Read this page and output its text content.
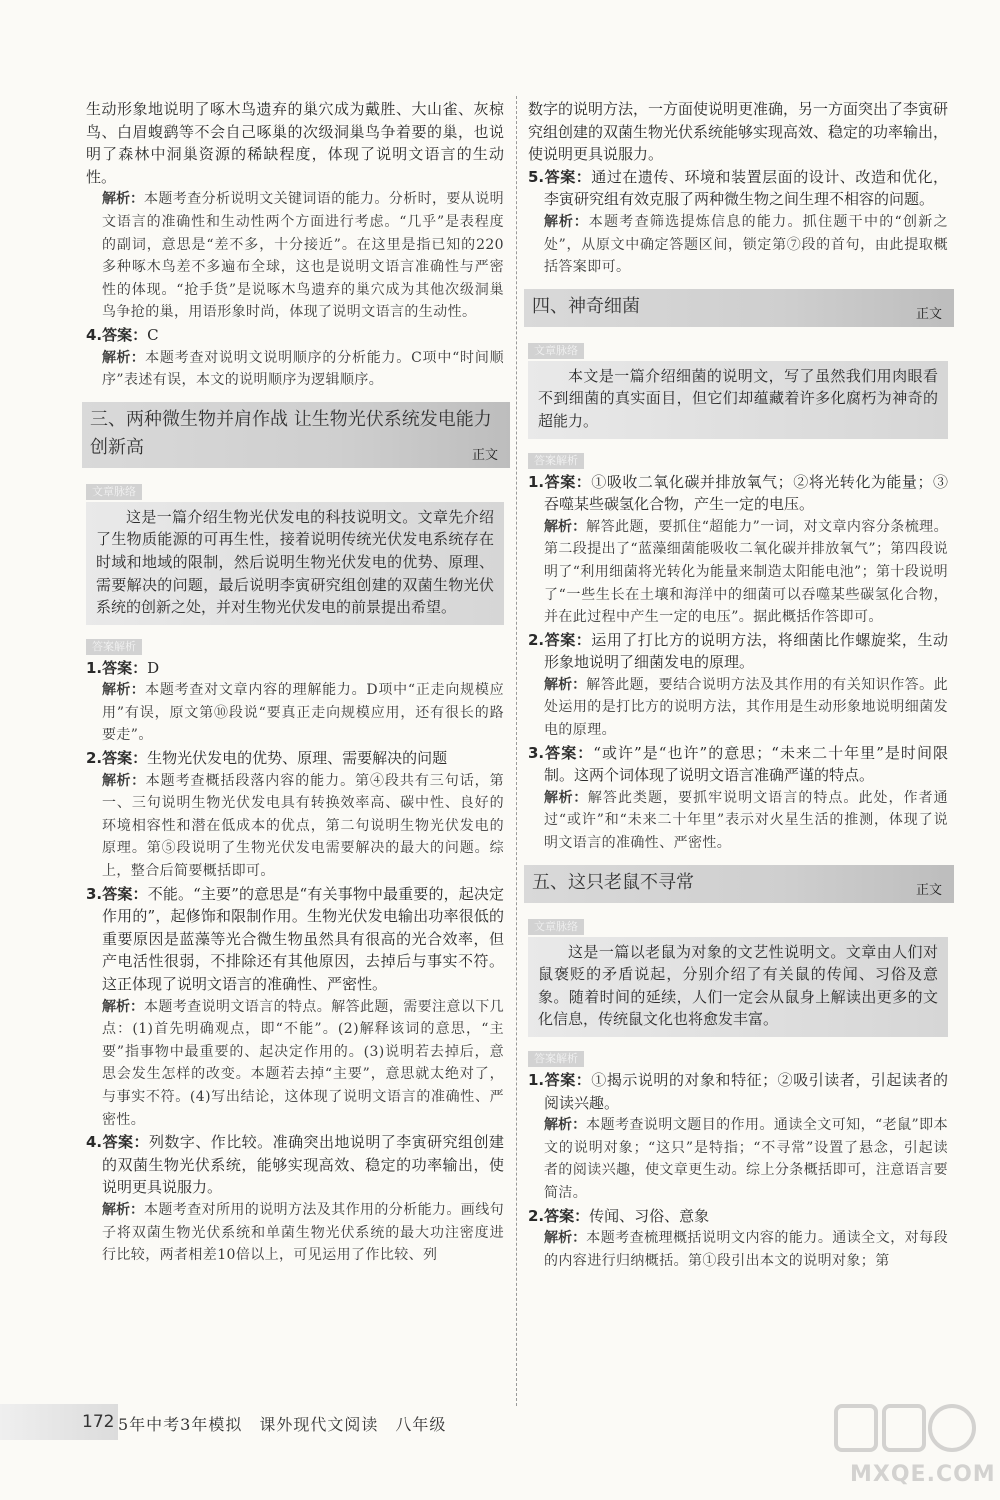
生动形象地说明了啄木鸟遗弃的巢穴成为戴胜、大山雀、灰椋鸟、白眉蝮鹞等不会自己啄巢的次级洞巢鸟争着要的巢，也说明了森林中洞巢资源的稀缺程度，体现了说明文语言的生动性。

解析：本题考查分析说明文关键词语的能力。分析时，要从说明文语言的准确性和生动性两个方面进行考虑。“几乎”是表程度的副词，意思是“差不多，十分接近”。在这里是指已知的220多种啄木鸟差不多遍布全球，这也是说明文语言准确性与严密性的体现。“抢手货”是说啄木鸟遗弃的巢穴成为其他次级洞巢鸟争抢的巢，用语形象时尚，体现了说明文语言的生动性。

4.答案：C

解析：本题考查对说明文说明顺序的分析能力。C项中“时间顺序”表述有误，本文的说明顺序为逻辑顺序。

三、两种微生物并肩作战 让生物光伏系统发电能力创新高	正文
文章脉络

这是一篇介绍生物光伏发电的科技说明文。文章先介绍了生物质能源的可再生性，接着说明传统光伏发电系统存在时域和地域的限制，然后说明生物光伏发电的优势、原理、需要解决的问题，最后说明李寅研究组创建的双菌生物光伏系统的创新之处，并对生物光伏发电的前景提出希望。

答案解析

1.答案：D

解析：本题考查对文章内容的理解能力。D项中“正走向规模应用”有误，原文第⑩段说“要真正走向规模应用，还有很长的路要走”。

2.答案：生物光伏发电的优势、原理、需要解决的问题

解析：本题考查概括段落内容的能力。第④段共有三句话，第一、三句说明生物光伏发电具有转换效率高、碳中性、良好的环境相容性和潜在低成本的优点，第二句说明生物光伏发电的原理。第⑤段说明了生物光伏发电需要解决的最大的问题。综上，整合后简要概括即可。

3.答案：不能。“主要”的意思是“有关事物中最重要的，起决定作用的”，起修饰和限制作用。生物光伏发电输出功率很低的重要原因是蓝藻等光合微生物虽然具有很高的光合效率，但产电活性很弱，不排除还有其他原因，去掉后与事实不符。这正体现了说明文语言的准确性、严密性。

解析：本题考查说明文语言的特点。解答此题，需要注意以下几点：(1)首先明确观点，即“不能”。(2)解释该词的意思，“主要”指事物中最重要的、起决定作用的。(3)说明若去掉后，意思会发生怎样的改变。本题若去掉“主要”，意思就太绝对了，与事实不符。(4)写出结论，这体现了说明文语言的准确性、严密性。

4.答案：列数字、作比较。准确突出地说明了李寅研究组创建的双菌生物光伏系统，能够实现高效、稳定的功率输出，使说明更具说服力。

解析：本题考查对所用的说明方法及其作用的分析能力。画线句子将双菌生物光伏系统和单菌生物光伏系统的最大功注密度进行比较，两者相差10倍以上，可见运用了作比较、列

数字的说明方法，一方面使说明更准确，另一方面突出了李寅研究组创建的双菌生物光伏系统能够实现高效、稳定的功率输出，使说明更具说服力。

5.答案：通过在遗传、环境和装置层面的设计、改造和优化，李寅研究组有效克服了两种微生物之间生理不相容的问题。

解析：本题考查筛选提炼信息的能力。抓住题干中的“创新之处”，从原文中确定答题区间，锁定第⑦段的首句，由此提取概括答案即可。

四、神奇细菌	正文
文章脉络

本文是一篇介绍细菌的说明文，写了虽然我们用肉眼看不到细菌的真实面目，但它们却蕴藏着许多化腐朽为神奇的超能力。

答案解析

1.答案：①吸收二氧化碳并排放氧气；②将光转化为能量；③吞噬某些碳氢化合物，产生一定的电压。

解析：解答此题，要抓住“超能力”一词，对文章内容分条梳理。第二段提出了“蓝藻细菌能吸收二氧化碳并排放氧气”；第四段说明了“利用细菌将光转化为能量来制造太阳能电池”；第十段说明了“一些生长在土壤和海洋中的细菌可以吞噬某些碳氢化合物，并在此过程中产生一定的电压”。据此概括作答即可。

2.答案：运用了打比方的说明方法，将细菌比作螺旋桨，生动形象地说明了细菌发电的原理。

解析：解答此题，要结合说明方法及其作用的有关知识作答。此处运用的是打比方的说明方法，其作用是生动形象地说明细菌发电的原理。

3.答案：“或许”是“也许”的意思；“未来二十年里”是时间限制。这两个词体现了说明文语言准确严谨的特点。

解析：解答此类题，要抓牢说明文语言的特点。此处，作者通过“或许”和“未来二十年里”表示对火星生活的推测，体现了说明文语言的准确性、严密性。

五、这只老鼠不寻常	正文
文章脉络

这是一篇以老鼠为对象的文艺性说明文。文章由人们对鼠褒贬的矛盾说起，分别介绍了有关鼠的传闻、习俗及意象。随着时间的延续，人们一定会从鼠身上解读出更多的文化信息，传统鼠文化也将愈发丰富。

答案解析

1.答案：①揭示说明的对象和特征；②吸引读者，引起读者的阅读兴趣。

解析：本题考查说明文题目的作用。通读全文可知，“老鼠”即本文的说明对象；“这只”是特指；“不寻常”设置了悬念，引起读者的阅读兴趣，使文章更生动。综上分条概括即可，注意语言要简洁。

2.答案：传闻、习俗、意象

解析：本题考查梳理概括说明文内容的能力。通读全文，对每段的内容进行归纳概括。第①段引出本文的说明对象；第

172 5年中考3年模拟　课外现代文阅读　八年级
MXQE.COM
